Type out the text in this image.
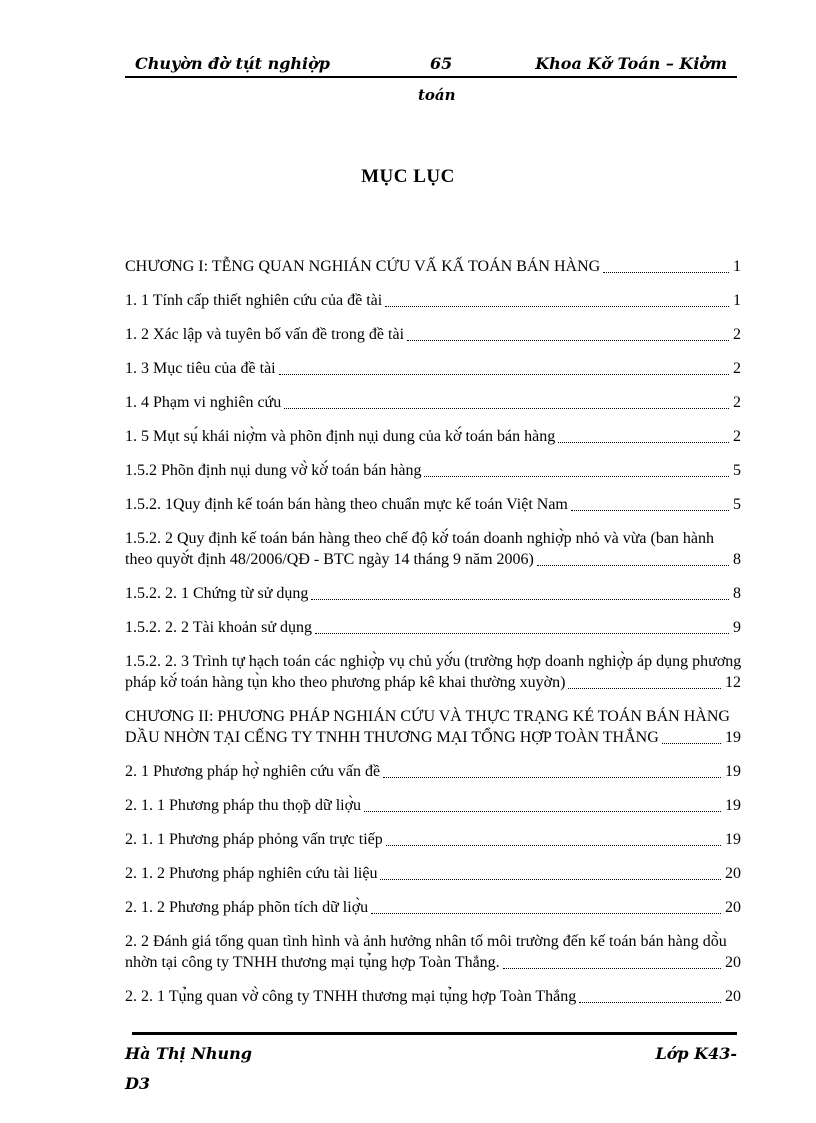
Chuyờn đờ̀ tụ́t nghiợ̀p	65	Khoa Kờ́ Toán – Kiờ̉m
toán
MỤC LỤC
CHƯƠNG I: TỄNG QUAN NGHIÁN CỨU VẤ KẤ TOÁN BÁN HÀNG	1
1. 1 Tính cấp thiết nghiên cứu của đề tài	1
1. 2 Xác lập và tuyên bố vấn đề trong đề tài	2
1. 3 Mục tiêu của đề tài	2
1. 4 Phạm vi nghiên cứu	2
1. 5 Mụt sụ́ khái niợ̀m và phõn định nụ̣i dung của kờ́ toán bán hàng	2
1.5.2 Phõn định nụ̣i dung vờ̀ kờ́ toán bán hàng	5
1.5.2. 1Quy định kế toán bán hàng theo chuẩn mực kế toán Việt Nam	5
1.5.2. 2 Quy định kế toán bán hàng theo chế độ kờ́ toán doanh nghiợ̀p nhỏ và vừa (ban hành theo quyờ́t định 48/2006/QĐ - BTC ngày 14 tháng 9 năm 2006)	8
1.5.2. 2. 1 Chứng từ sử dụng	8
1.5.2. 2. 2 Tài khoản sử dụng	9
1.5.2. 2. 3 Trình tự hạch toán các nghiợ̀p vụ chủ yờ́u (trường hợp doanh nghiợ̀p áp dụng phương pháp kờ́ toán hàng tụ̀n kho theo phương pháp kê khai thường xuyờn)	12
CHƯƠNG II: PHƯƠNG PHÁP NGHIÁN CỨU VÀ THỰC TRẠNG KÉ TOÁN BÁN HÀNG DẦU NHỜN TẠI CẾNG TY TNHH THƯƠNG MẠI TỔNG HỢP TOÀN THẮNG	19
2. 1 Phương pháp hợ̀ nghiên cứu vấn đề	19
2. 1. 1 Phương pháp thu thọ̃p dữ liợ̀u	19
2. 1. 1 Phương pháp phỏng vấn trực tiếp	19
2. 1. 2 Phương pháp nghiên cứu tài liệu	20
2. 1. 2 Phương pháp phõn tích dữ liợ̀u	20
2. 2 Đánh giá tổng quan tình hình và ảnh hưởng nhân tố môi trường đến kế toán bán hàng dõ̀u nhờn tại công ty TNHH thương mại tụ̉ng hợp Toàn Thắng.	20
2. 2. 1 Tụ̉ng quan vờ̀ công ty TNHH thương mại tụ̉ng hợp Toàn Thắng	20
Hà Thị Nhung	Lớp K43-
D3
